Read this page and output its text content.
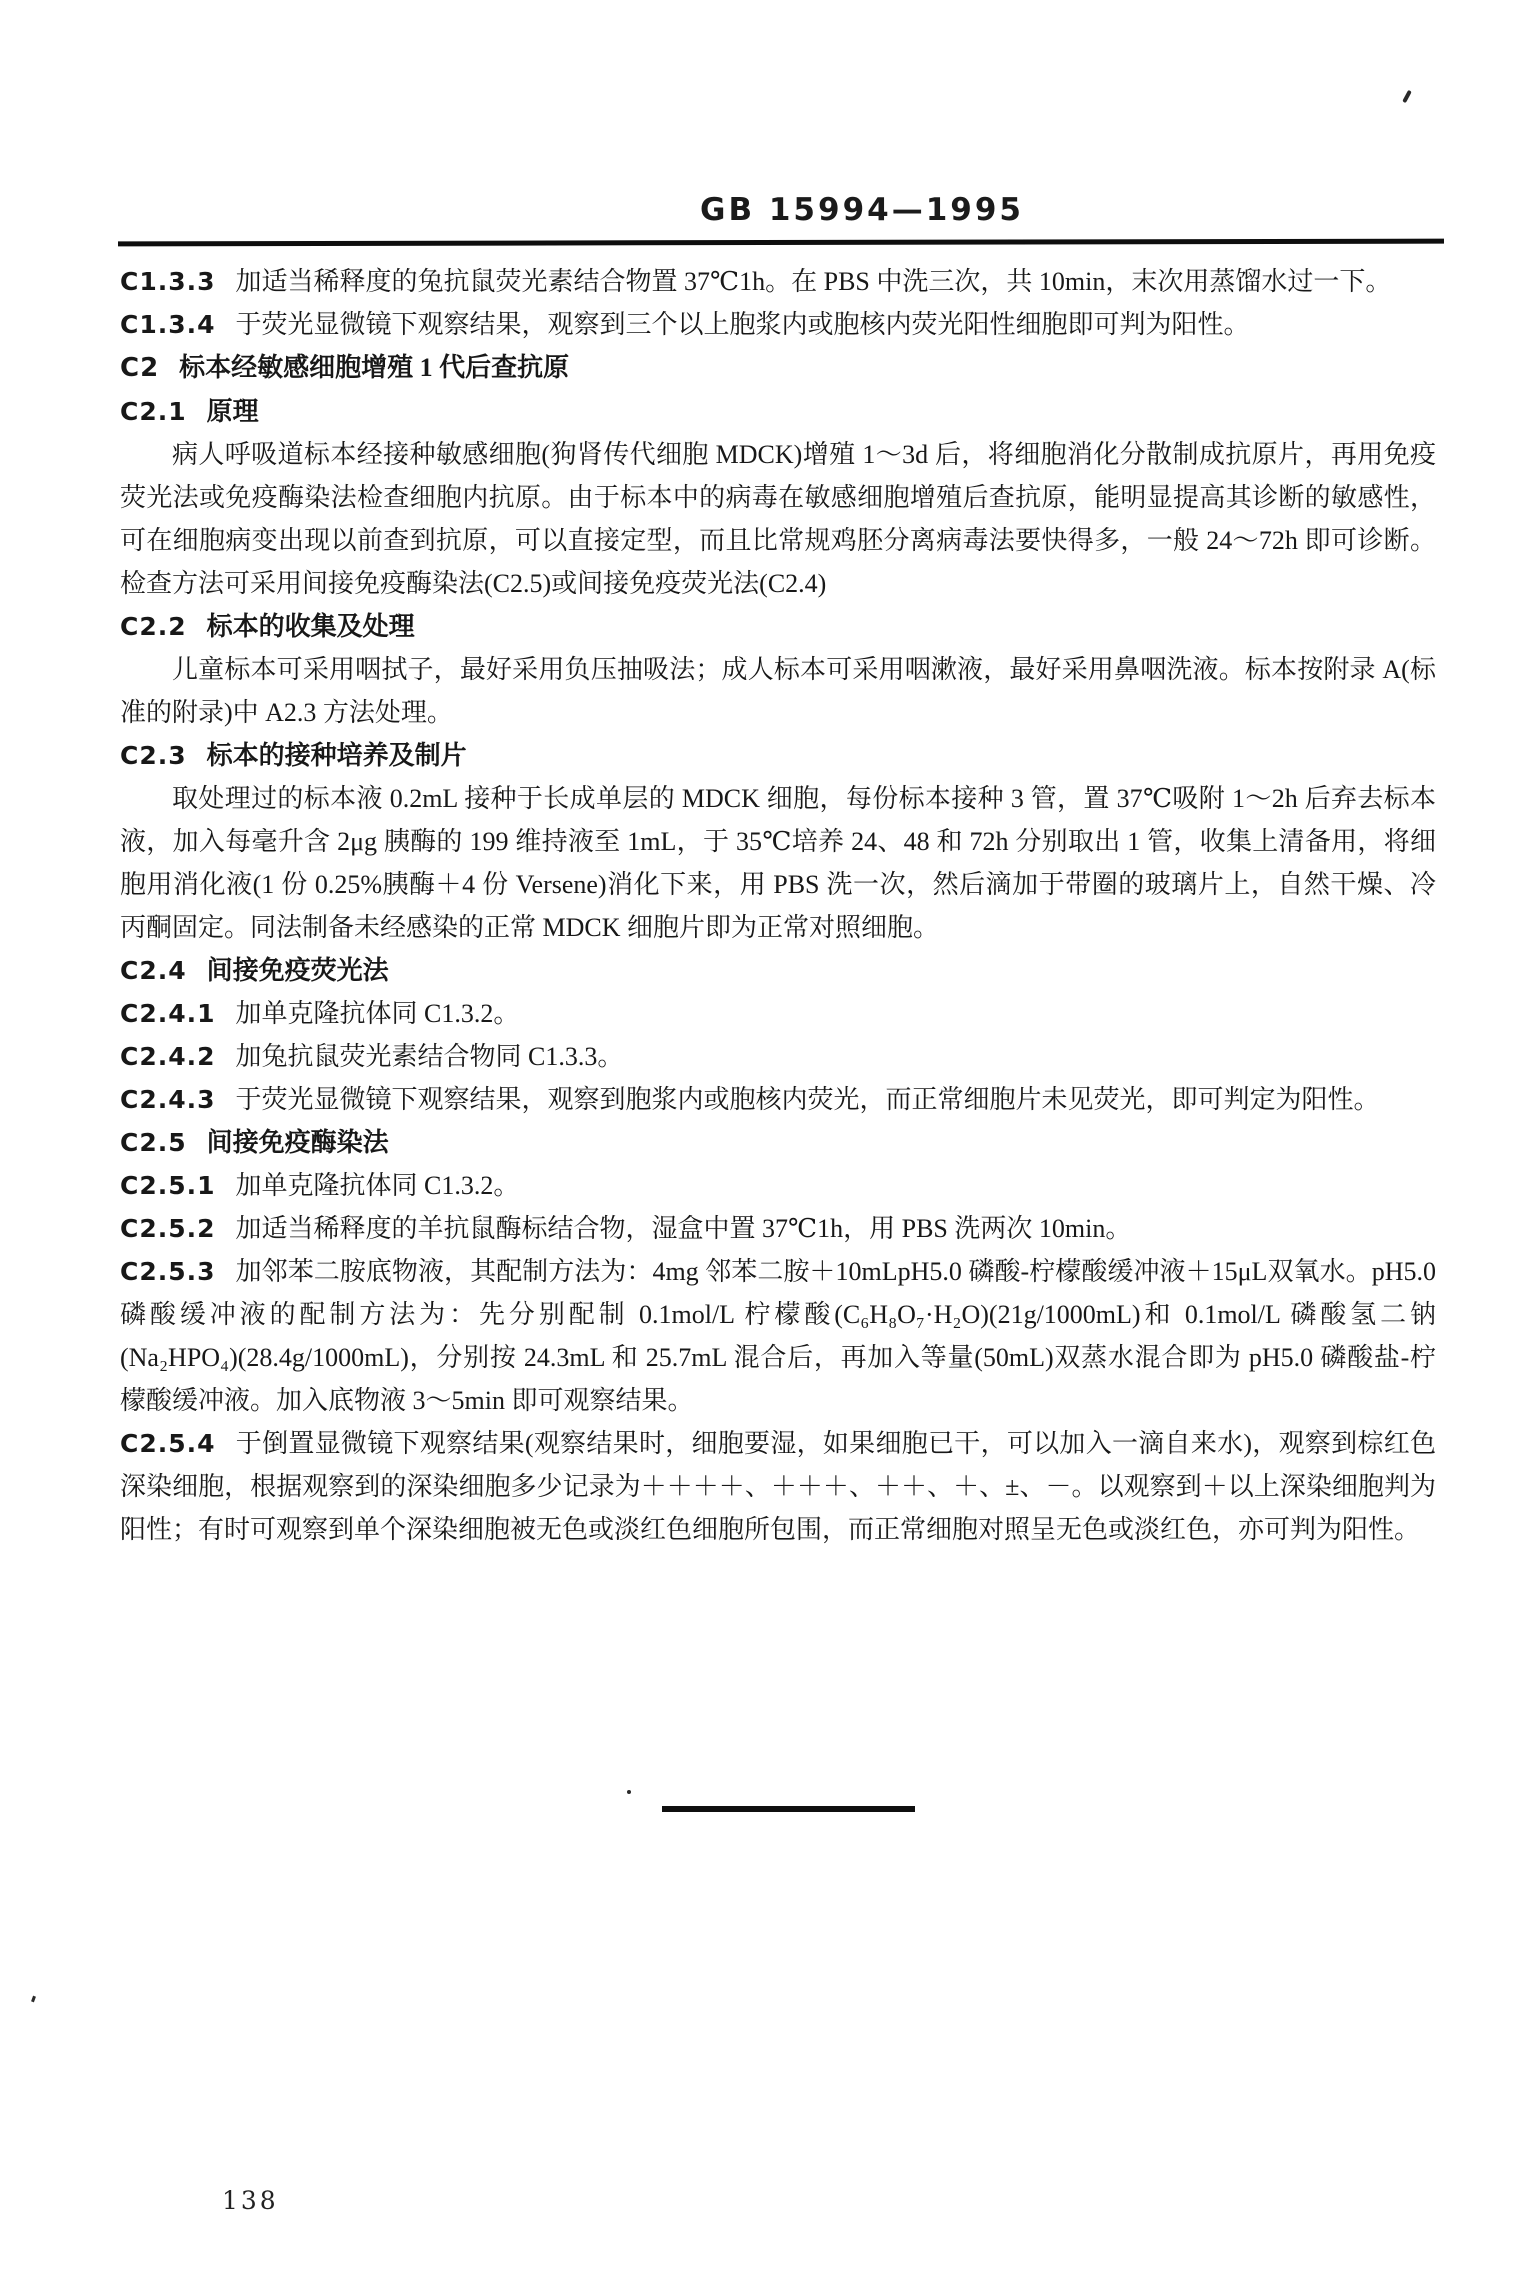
GB 15994—1995

C1.3.3 加适当稀释度的兔抗鼠荧光素结合物置 37℃1h。在 PBS 中洗三次，共 10min，末次用蒸馏水过一下。

C1.3.4 于荧光显微镜下观察结果，观察到三个以上胞浆内或胞核内荧光阳性细胞即可判为阳性。

C2 标本经敏感细胞增殖 1 代后查抗原

C2.1 原理

病人呼吸道标本经接种敏感细胞(狗肾传代细胞 MDCK)增殖 1～3d 后，将细胞消化分散制成抗原片，再用免疫荧光法或免疫酶染法检查细胞内抗原。由于标本中的病毒在敏感细胞增殖后查抗原，能明显提高其诊断的敏感性，可在细胞病变出现以前查到抗原，可以直接定型，而且比常规鸡胚分离病毒法要快得多，一般 24～72h 即可诊断。检查方法可采用间接免疫酶染法(C2.5)或间接免疫荧光法(C2.4)

C2.2 标本的收集及处理

儿童标本可采用咽拭子，最好采用负压抽吸法；成人标本可采用咽漱液，最好采用鼻咽洗液。标本按附录 A(标准的附录)中 A2.3 方法处理。

C2.3 标本的接种培养及制片

取处理过的标本液 0.2mL 接种于长成单层的 MDCK 细胞，每份标本接种 3 管，置 37℃吸附 1～2h 后弃去标本液，加入每毫升含 2μg 胰酶的 199 维持液至 1mL，于 35℃培养 24、48 和 72h 分别取出 1 管，收集上清备用，将细胞用消化液(1 份 0.25%胰酶＋4 份 Versene)消化下来，用 PBS 洗一次，然后滴加于带圈的玻璃片上，自然干燥、冷丙酮固定。同法制备未经感染的正常 MDCK 细胞片即为正常对照细胞。

C2.4 间接免疫荧光法

C2.4.1 加单克隆抗体同 C1.3.2。

C2.4.2 加兔抗鼠荧光素结合物同 C1.3.3。

C2.4.3 于荧光显微镜下观察结果，观察到胞浆内或胞核内荧光，而正常细胞片未见荧光，即可判定为阳性。

C2.5 间接免疫酶染法

C2.5.1 加单克隆抗体同 C1.3.2。

C2.5.2 加适当稀释度的羊抗鼠酶标结合物，湿盒中置 37℃1h，用 PBS 洗两次 10min。

C2.5.3 加邻苯二胺底物液，其配制方法为：4mg 邻苯二胺＋10mLpH5.0 磷酸-柠檬酸缓冲液＋15μL双氧水。pH5.0 磷酸缓冲液的配制方法为：先分别配制 0.1mol/L 柠檬酸(C₆H₈O₇·H₂O)(21g/1000mL)和 0.1mol/L 磷酸氢二钠(Na₂HPO₄)(28.4g/1000mL)，分别按 24.3mL 和 25.7mL 混合后，再加入等量(50mL)双蒸水混合即为 pH5.0 磷酸盐-柠檬酸缓冲液。加入底物液 3～5min 即可观察结果。

C2.5.4 于倒置显微镜下观察结果(观察结果时，细胞要湿，如果细胞已干，可以加入一滴自来水)，观察到棕红色深染细胞，根据观察到的深染细胞多少记录为＋＋＋＋、＋＋＋、＋＋、＋、±、－。以观察到＋以上深染细胞判为阳性；有时可观察到单个深染细胞被无色或淡红色细胞所包围，而正常细胞对照呈无色或淡红色，亦可判为阳性。

138
